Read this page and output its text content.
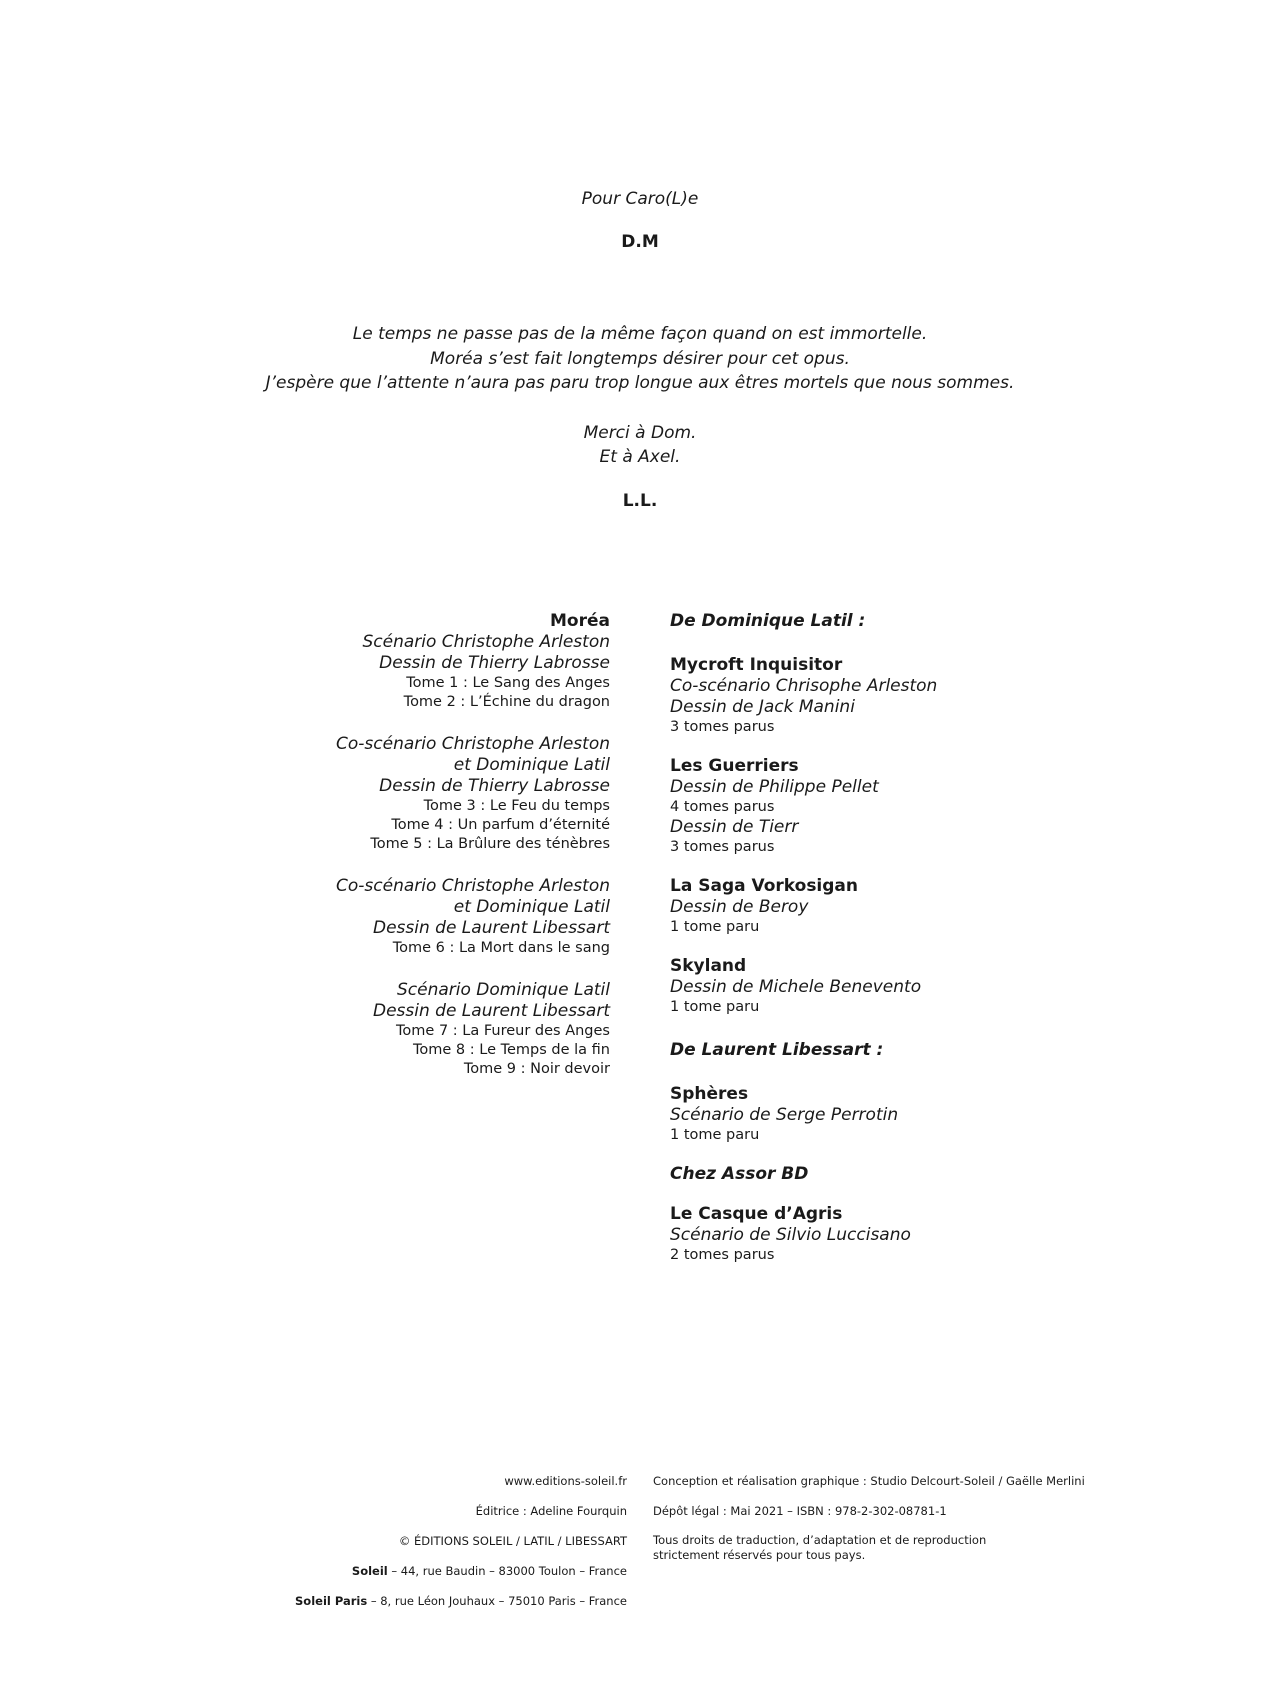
Pour Caro(L)e
D.M
Le temps ne passe pas de la même façon quand on est immortelle.
Moréa s’est fait longtemps désirer pour cet opus.
J’espère que l’attente n’aura pas paru trop longue aux êtres mortels que nous sommes.
Merci à Dom.
Et à Axel.
L.L.
Moréa
Scénario Christophe Arleston
Dessin de Thierry Labrosse
Tome 1 : Le Sang des Anges
Tome 2 : L’Échine du dragon
Co-scénario Christophe Arleston
et Dominique Latil
Dessin de Thierry Labrosse
Tome 3 : Le Feu du temps
Tome 4 : Un parfum d’éternité
Tome 5 : La Brûlure des ténèbres
Co-scénario Christophe Arleston
et Dominique Latil
Dessin de Laurent Libessart
Tome 6 : La Mort dans le sang
Scénario Dominique Latil
Dessin de Laurent Libessart
Tome 7 : La Fureur des Anges
Tome 8 : Le Temps de la fin
Tome 9 : Noir devoir
De Dominique Latil :
Mycroft Inquisitor
Co-scénario Chrisophe Arleston
Dessin de Jack Manini
3 tomes parus
Les Guerriers
Dessin de Philippe Pellet
4 tomes parus
Dessin de Tierr
3 tomes parus
La Saga Vorkosigan
Dessin de Beroy
1 tome paru
Skyland
Dessin de Michele Benevento
1 tome paru
De Laurent Libessart :
Sphères
Scénario de Serge Perrotin
1 tome paru
Chez Assor BD
Le Casque d’Agris
Scénario de Silvio Luccisano
2 tomes parus
www.editions-soleil.fr
Éditrice : Adeline Fourquin
© ÉDITIONS SOLEIL / LATIL / LIBESSART
Soleil – 44, rue Baudin – 83000 Toulon – France
Soleil Paris – 8, rue Léon Jouhaux – 75010 Paris – France
Conception et réalisation graphique : Studio Delcourt-Soleil / Gaëlle Merlini
Dépôt légal : Mai 2021 – ISBN : 978-2-302-08781-1
Tous droits de traduction, d’adaptation et de reproduction
strictement réservés pour tous pays.
